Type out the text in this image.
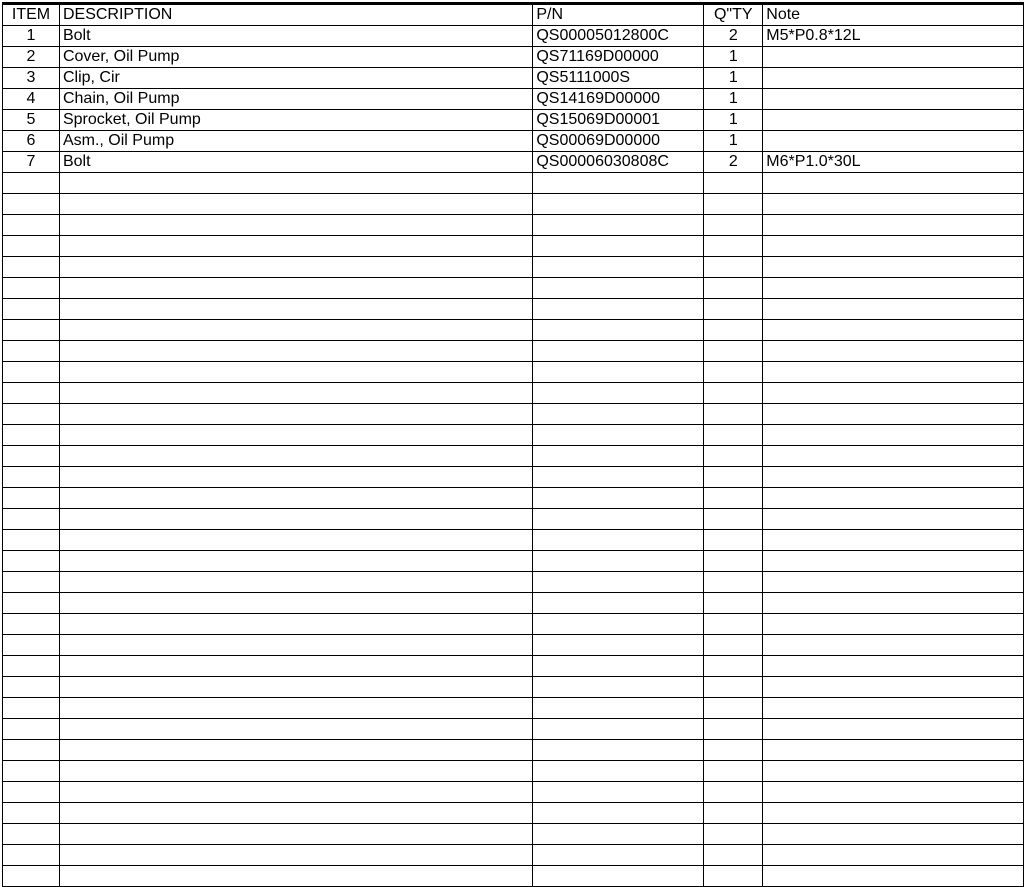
ITEM	DESCRIPTION	P/N	Q"TY	Note
1	Bolt	QS00005012800C	2	M5*P0.8*12L
2	Cover, Oil Pump	QS71169D00000	1	
3	Clip, Cir	QS5111000S	1	
4	Chain, Oil Pump	QS14169D00000	1	
5	Sprocket, Oil Pump	QS15069D00001	1	
6	Asm., Oil Pump	QS00069D00000	1	
7	Bolt	QS00006030808C	2	M6*P1.0*30L
